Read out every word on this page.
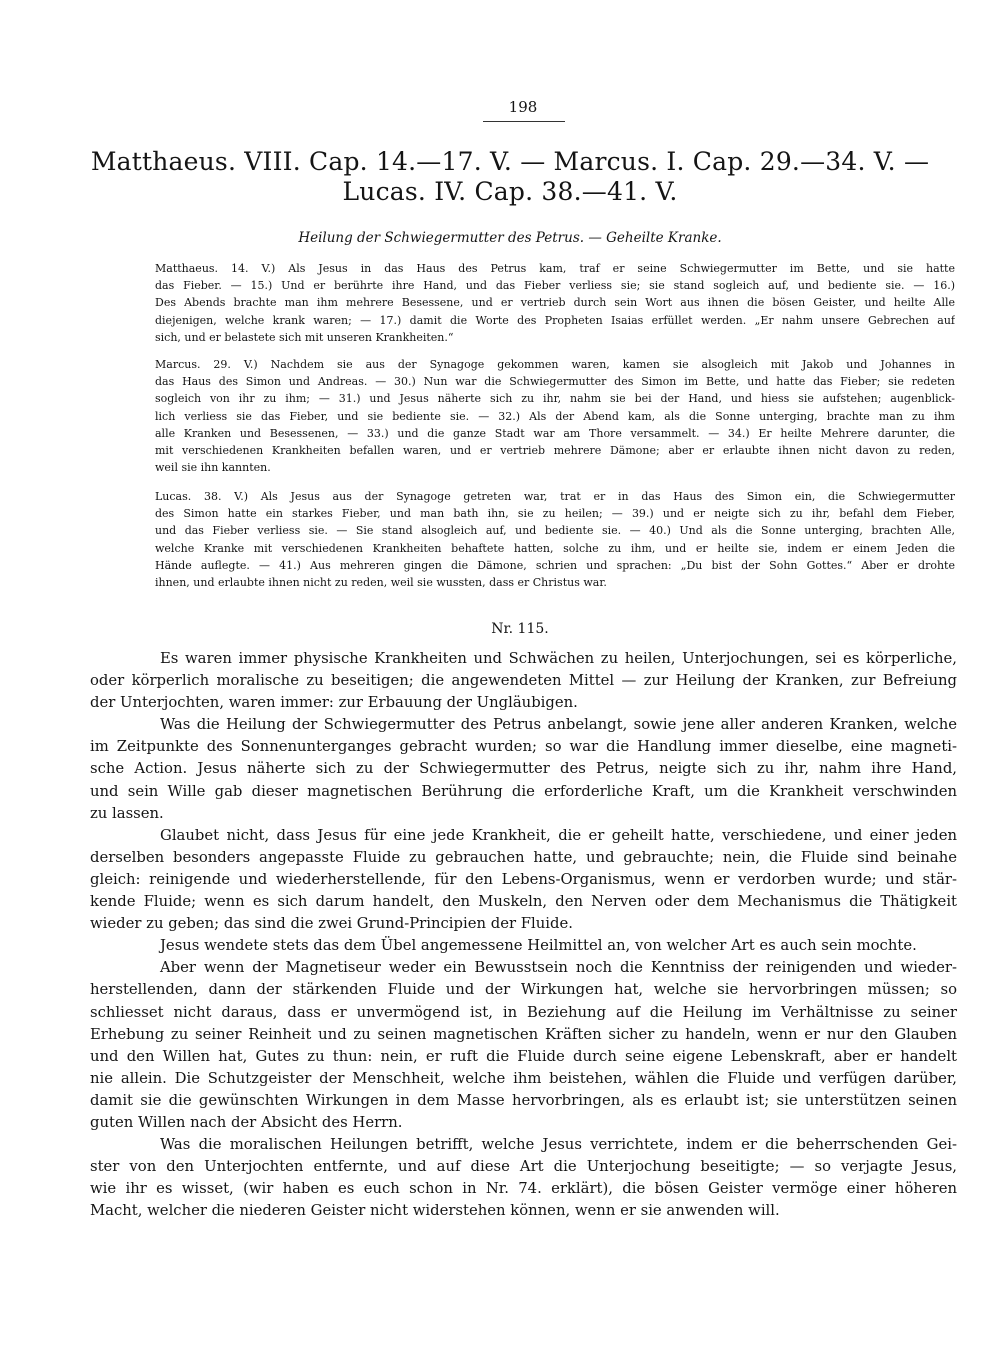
198
Matthaeus. VIII. Cap. 14.—17. V. — Marcus. I. Cap. 29.—34. V. —
Lucas. IV. Cap. 38.—41. V.
Heilung der Schwiegermutter des Petrus. — Geheilte Kranke.
Matthaeus. 14. V.) Als Jesus in das Haus des Petrus kam, traf er seine Schwiegermutter im Bette, und sie hatte
das Fieber. — 15.) Und er berührte ihre Hand, und das Fieber verliess sie; sie stand sogleich auf, und bediente sie. — 16.)
Des Abends brachte man ihm mehrere Besessene, und er vertrieb durch sein Wort aus ihnen die bösen Geister, und heilte Alle
diejenigen, welche krank waren; — 17.) damit die Worte des Propheten Isaias erfüllet werden. „Er nahm unsere Gebrechen auf
sich, und er belastete sich mit unseren Krankheiten.“
Marcus. 29. V.) Nachdem sie aus der Synagoge gekommen waren, kamen sie alsogleich mit Jakob und Johannes in
das Haus des Simon und Andreas. — 30.) Nun war die Schwiegermutter des Simon im Bette, und hatte das Fieber; sie redeten
sogleich von ihr zu ihm; — 31.) und Jesus näherte sich zu ihr, nahm sie bei der Hand, und hiess sie aufstehen; augenblick-
lich verliess sie das Fieber, und sie bediente sie. — 32.) Als der Abend kam, als die Sonne unterging, brachte man zu ihm
alle Kranken und Besessenen, — 33.) und die ganze Stadt war am Thore versammelt. — 34.) Er heilte Mehrere darunter, die
mit verschiedenen Krankheiten befallen waren, und er vertrieb mehrere Dämone; aber er erlaubte ihnen nicht davon zu reden,
weil sie ihn kannten.
Lucas. 38. V.) Als Jesus aus der Synagoge getreten war, trat er in das Haus des Simon ein, die Schwiegermutter
des Simon hatte ein starkes Fieber, und man bath ihn, sie zu heilen; — 39.) und er neigte sich zu ihr, befahl dem Fieber,
und das Fieber verliess sie. — Sie stand alsogleich auf, und bediente sie. — 40.) Und als die Sonne unterging, brachten Alle,
welche Kranke mit verschiedenen Krankheiten behaftete hatten, solche zu ihm, und er heilte sie, indem er einem Jeden die
Hände auflegte. — 41.) Aus mehreren gingen die Dämone, schrien und sprachen: „Du bist der Sohn Gottes.“ Aber er drohte
ihnen, und erlaubte ihnen nicht zu reden, weil sie wussten, dass er Christus war.
Nr. 115.
Es waren immer physische Krankheiten und Schwächen zu heilen, Unterjochungen, sei es körperliche,
oder körperlich moralische zu beseitigen; die angewendeten Mittel — zur Heilung der Kranken, zur Befreiung
der Unterjochten, waren immer: zur Erbauung der Ungläubigen.
Was die Heilung der Schwiegermutter des Petrus anbelangt, sowie jene aller anderen Kranken, welche
im Zeitpunkte des Sonnenunterganges gebracht wurden; so war die Handlung immer dieselbe, eine magneti-
sche Action. Jesus näherte sich zu der Schwiegermutter des Petrus, neigte sich zu ihr, nahm ihre Hand,
und sein Wille gab dieser magnetischen Berührung die erforderliche Kraft, um die Krankheit verschwinden
zu lassen.
Glaubet nicht, dass Jesus für eine jede Krankheit, die er geheilt hatte, verschiedene, und einer jeden
derselben besonders angepasste Fluide zu gebrauchen hatte, und gebrauchte; nein, die Fluide sind beinahe
gleich: reinigende und wiederherstellende, für den Lebens-Organismus, wenn er verdorben wurde; und stär-
kende Fluide; wenn es sich darum handelt, den Muskeln, den Nerven oder dem Mechanismus die Thätigkeit
wieder zu geben; das sind die zwei Grund-Principien der Fluide.
Jesus wendete stets das dem Übel angemessene Heilmittel an, von welcher Art es auch sein mochte.
Aber wenn der Magnetiseur weder ein Bewusstsein noch die Kenntniss der reinigenden und wieder-
herstellenden, dann der stärkenden Fluide und der Wirkungen hat, welche sie hervorbringen müssen; so
schliesset nicht daraus, dass er unvermögend ist, in Beziehung auf die Heilung im Verhältnisse zu seiner
Erhebung zu seiner Reinheit und zu seinen magnetischen Kräften sicher zu handeln, wenn er nur den Glauben
und den Willen hat, Gutes zu thun: nein, er ruft die Fluide durch seine eigene Lebenskraft, aber er handelt
nie allein. Die Schutzgeister der Menschheit, welche ihm beistehen, wählen die Fluide und verfügen darüber,
damit sie die gewünschten Wirkungen in dem Masse hervorbringen, als es erlaubt ist; sie unterstützen seinen
guten Willen nach der Absicht des Herrn.
Was die moralischen Heilungen betrifft, welche Jesus verrichtete, indem er die beherrschenden Gei-
ster von den Unterjochten entfernte, und auf diese Art die Unterjochung beseitigte; — so verjagte Jesus,
wie ihr es wisset, (wir haben es euch schon in Nr. 74. erklärt), die bösen Geister vermöge einer höheren
Macht, welcher die niederen Geister nicht widerstehen können, wenn er sie anwenden will.
